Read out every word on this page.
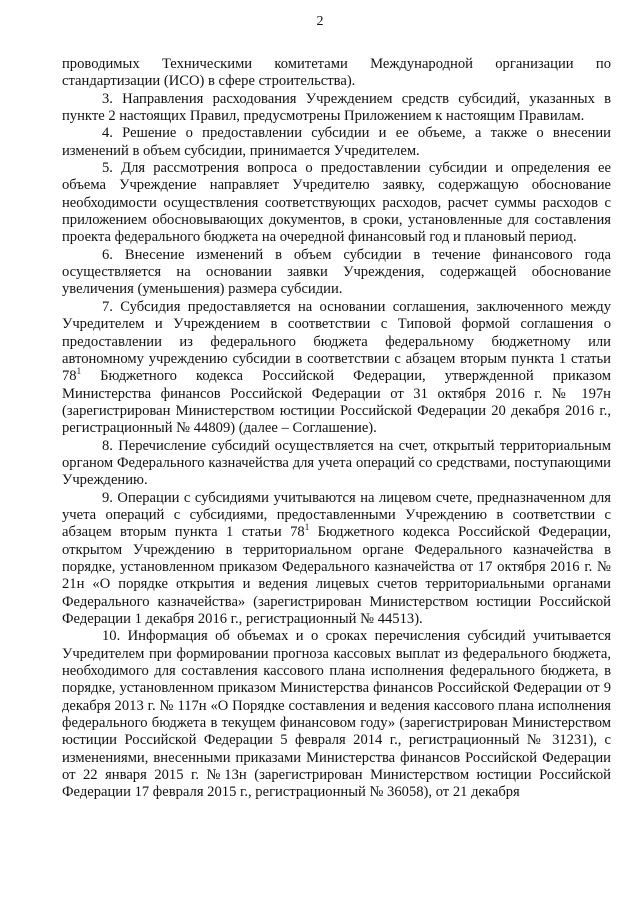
2

проводимых Техническими комитетами Международной организации по стандартизации (ИСО) в сфере строительства).

3. Направления расходования Учреждением средств субсидий, указанных в пункте 2 настоящих Правил, предусмотрены Приложением к настоящим Правилам.

4. Решение о предоставлении субсидии и ее объеме, а также о внесении изменений в объем субсидии, принимается Учредителем.

5. Для рассмотрения вопроса о предоставлении субсидии и определения ее объема Учреждение направляет Учредителю заявку, содержащую обоснование необходимости осуществления соответствующих расходов, расчет суммы расходов с приложением обосновывающих документов, в сроки, установленные для составления проекта федерального бюджета на очередной финансовый год и плановый период.

6. Внесение изменений в объем субсидии в течение финансового года осуществляется на основании заявки Учреждения, содержащей обоснование увеличения (уменьшения) размера субсидии.

7. Субсидия предоставляется на основании соглашения, заключенного между Учредителем и Учреждением в соответствии с Типовой формой соглашения о предоставлении из федерального бюджета федеральному бюджетному или автономному учреждению субсидии в соответствии с абзацем вторым пункта 1 статьи $78^1$ Бюджетного кодекса Российской Федерации, утвержденной приказом Министерства финансов Российской Федерации от 31 октября 2016 г. № 197н (зарегистрирован Министерством юстиции Российской Федерации 20 декабря 2016 г., регистрационный № 44809) (далее – Соглашение).

8. Перечисление субсидий осуществляется на счет, открытый территориальным органом Федерального казначейства для учета операций со средствами, поступающими Учреждению.

9. Операции с субсидиями учитываются на лицевом счете, предназначенном для учета операций с субсидиями, предоставленными Учреждению в соответствии с абзацем вторым пункта 1 статьи $78^1$ Бюджетного кодекса Российской Федерации, открытом Учреждению в территориальном органе Федерального казначейства в порядке, установленном приказом Федерального казначейства от 17 октября 2016 г. № 21н «О порядке открытия и ведения лицевых счетов территориальными органами Федерального казначейства» (зарегистрирован Министерством юстиции Российской Федерации 1 декабря 2016 г., регистрационный № 44513).

10. Информация об объемах и о сроках перечисления субсидий учитывается Учредителем при формировании прогноза кассовых выплат из федерального бюджета, необходимого для составления кассового плана исполнения федерального бюджета, в порядке, установленном приказом Министерства финансов Российской Федерации от 9 декабря 2013 г. № 117н «О Порядке составления и ведения кассового плана исполнения федерального бюджета в текущем финансовом году» (зарегистрирован Министерством юстиции Российской Федерации 5 февраля 2014 г., регистрационный № 31231), с изменениями, внесенными приказами Министерства финансов Российской Федерации от 22 января 2015 г. №13н (зарегистрирован Министерством юстиции Российской Федерации 17 февраля 2015 г., регистрационный № 36058), от 21 декабря
